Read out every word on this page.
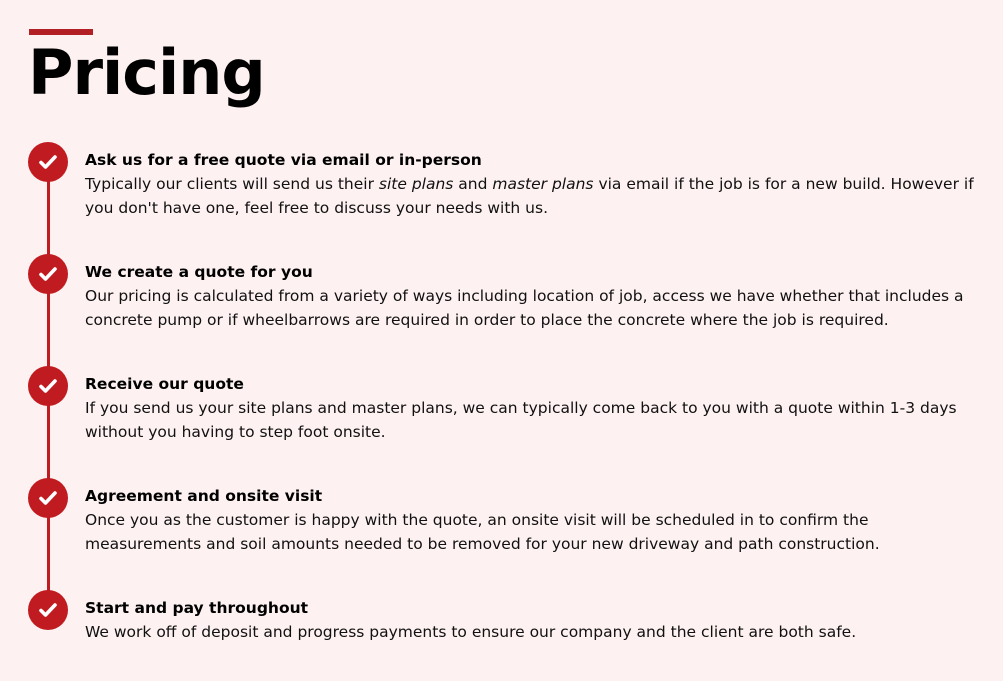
Pricing
Ask us for a free quote via email or in-person
Typically our clients will send us their site plans and master plans via email if the job is for a new build. However if you don't have one, feel free to discuss your needs with us.
We create a quote for you
Our pricing is calculated from a variety of ways including location of job, access we have whether that includes a concrete pump or if wheelbarrows are required in order to place the concrete where the job is required.
Receive our quote
If you send us your site plans and master plans, we can typically come back to you with a quote within 1-3 days without you having to step foot onsite.
Agreement and onsite visit
Once you as the customer is happy with the quote, an onsite visit will be scheduled in to confirm the measurements and soil amounts needed to be removed for your new driveway and path construction.
Start and pay throughout
We work off of deposit and progress payments to ensure our company and the client are both safe.
